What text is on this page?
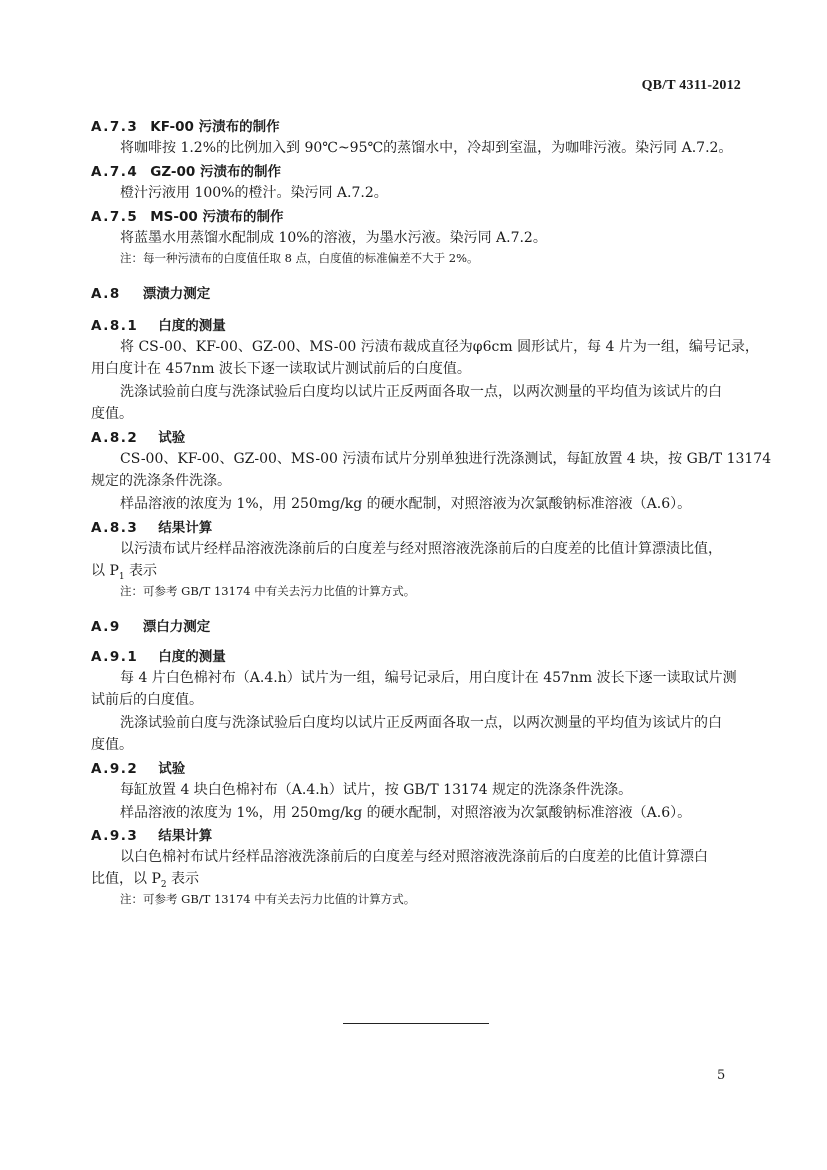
QB/T 4311-2012
A.7.3 KF-00 污渍布的制作
将咖啡按 1.2%的比例加入到 90℃~95℃的蒸馏水中，冷却到室温，为咖啡污液。染污同 A.7.2。
A.7.4 GZ-00 污渍布的制作
橙汁污液用 100%的橙汁。染污同 A.7.2。
A.7.5 MS-00 污渍布的制作
将蓝墨水用蒸馏水配制成 10%的溶液，为墨水污液。染污同 A.7.2。
注：每一种污渍布的白度值任取 8 点，白度值的标准偏差不大于 2%。
A.8 漂渍力测定
A.8.1 白度的测量
将 CS-00、KF-00、GZ-00、MS-00 污渍布裁成直径为φ6cm 圆形试片，每 4 片为一组，编号记录，
用白度计在 457nm 波长下逐一读取试片测试前后的白度值。
洗涤试验前白度与洗涤试验后白度均以试片正反两面各取一点，以两次测量的平均值为该试片的白
度值。
A.8.2 试验
CS-00、KF-00、GZ-00、MS-00 污渍布试片分别单独进行洗涤测试，每缸放置 4 块，按 GB/T 13174
规定的洗涤条件洗涤。
样品溶液的浓度为 1%，用 250mg/kg 的硬水配制，对照溶液为次氯酸钠标准溶液（A.6）。
A.8.3 结果计算
以污渍布试片经样品溶液洗涤前后的白度差与经对照溶液洗涤前后的白度差的比值计算漂渍比值，
以 $P_1$ 表示
注：可参考 GB/T 13174 中有关去污力比值的计算方式。
A.9 漂白力测定
A.9.1 白度的测量
每 4 片白色棉衬布（A.4.h）试片为一组，编号记录后，用白度计在 457nm 波长下逐一读取试片测
试前后的白度值。
洗涤试验前白度与洗涤试验后白度均以试片正反两面各取一点，以两次测量的平均值为该试片的白
度值。
A.9.2 试验
每缸放置 4 块白色棉衬布（A.4.h）试片，按 GB/T 13174 规定的洗涤条件洗涤。
样品溶液的浓度为 1%，用 250mg/kg 的硬水配制，对照溶液为次氯酸钠标准溶液（A.6）。
A.9.3 结果计算
以白色棉衬布试片经样品溶液洗涤前后的白度差与经对照溶液洗涤前后的白度差的比值计算漂白
比值，以 $P_2$ 表示
注：可参考 GB/T 13174 中有关去污力比值的计算方式。
5
